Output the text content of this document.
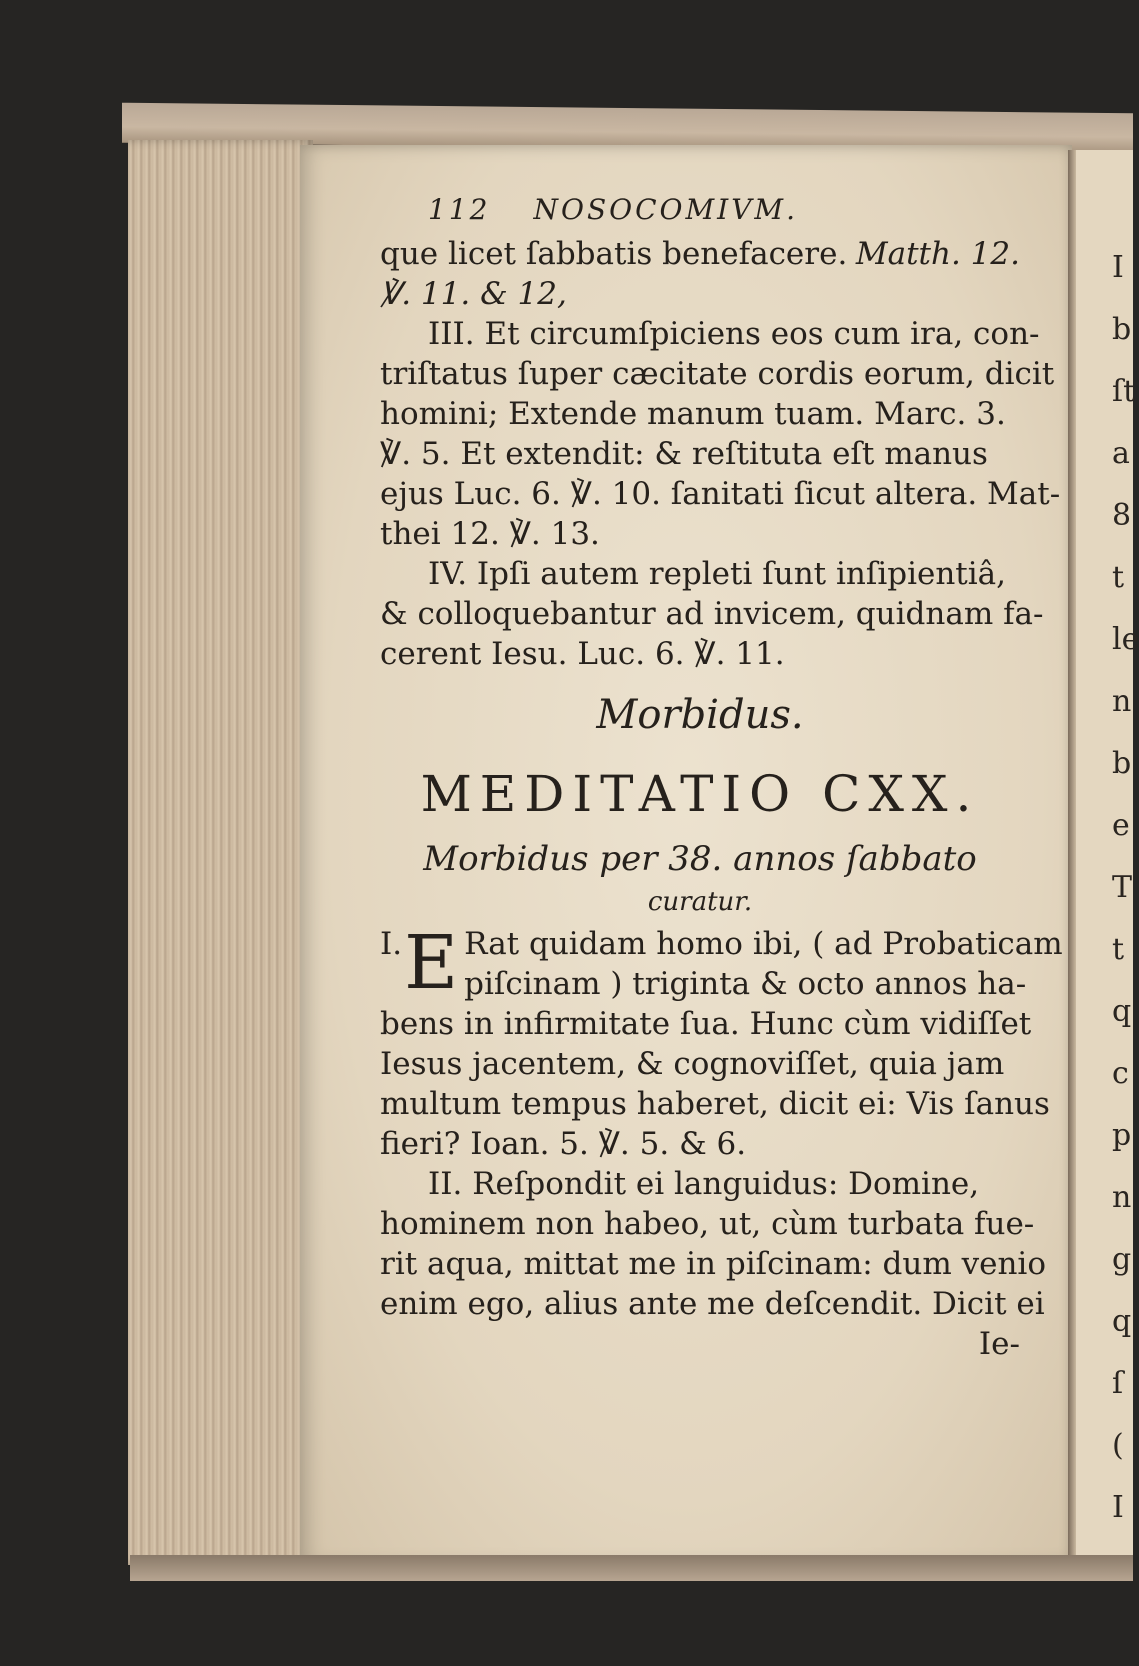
I
b
ſt
a
8
t
le
n
b
e
T
t
q
c
p
n
g
q
ſ
(
I
112 NOSOCOMIVM.
que licet ſabbatis benefacere. Matth. 12.
℣. 11. & 12,
III. Et circumſpiciens eos cum ira, con-
triſtatus ſuper cæcitate cordis eorum, dicit
homini; Extende manum tuam. Marc. 3.
℣. 5. Et extendit: & reſtituta eſt manus
ejus Luc. 6. ℣. 10. ſanitati ſicut altera. Mat-
thei 12. ℣. 13.
IV. Ipſi autem repleti ſunt inſipientiâ,
& colloquebantur ad invicem, quidnam fa-
cerent Iesu. Luc. 6. ℣. 11.
Morbidus.
MEDITATIO CXX.
Morbidus per 38. annos ſabbato
curatur.
I. E Rat quidam homo ibi, ( ad Probaticam
piſcinam ) triginta & octo annos ha-
bens in infirmitate ſua. Hunc cùm vidiſſet
Iesus jacentem, & cognoviſſet, quia jam
multum tempus haberet, dicit ei: Vis ſanus
fieri? Ioan. 5. ℣. 5. & 6.
II. Reſpondit ei languidus: Domine,
hominem non habeo, ut, cùm turbata fue-
rit aqua, mittat me in piſcinam: dum venio
enim ego, alius ante me deſcendit. Dicit ei
Ie-
